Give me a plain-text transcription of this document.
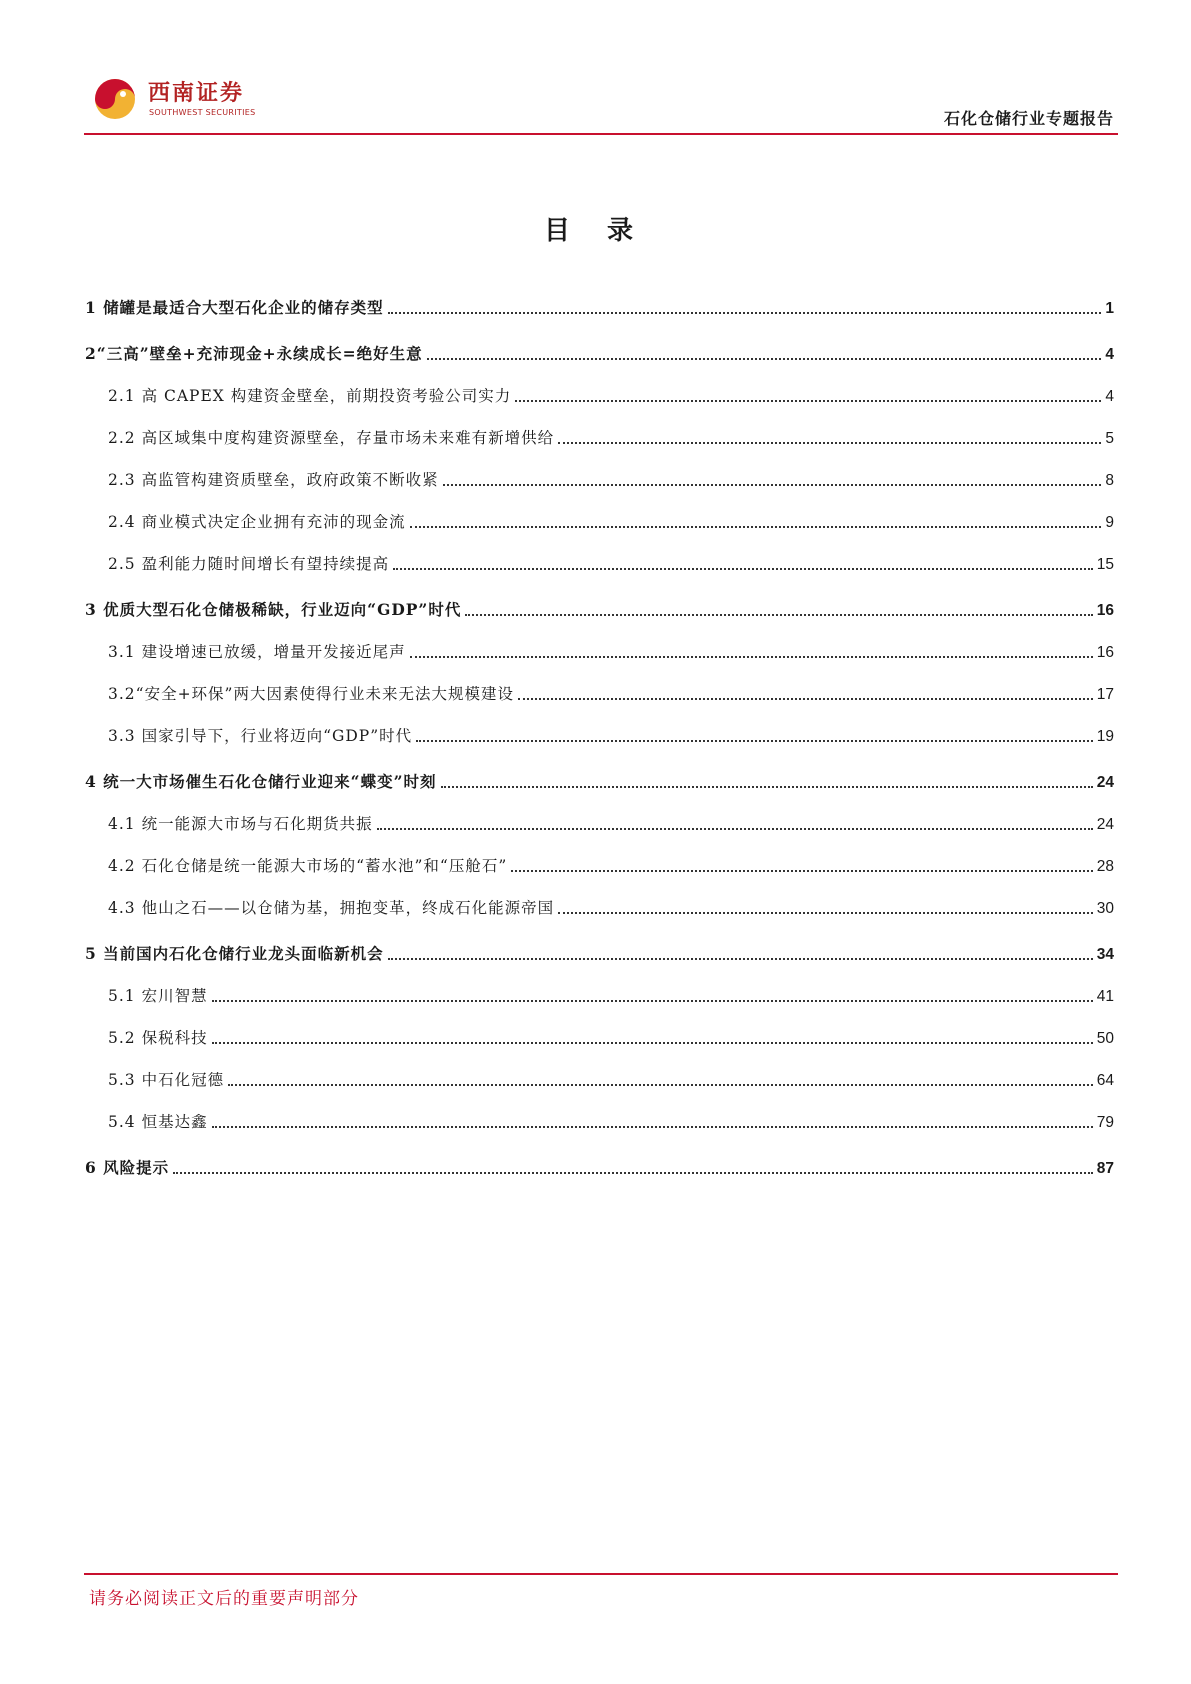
西南证券
SOUTHWEST SECURITIES	石化仓储行业专题报告
目 录
1 储罐是最适合大型石化企业的储存类型	1
2“三高”壁垒+充沛现金+永续成长=绝好生意	4
2.1 高 CAPEX 构建资金壁垒，前期投资考验公司实力	4
2.2 高区域集中度构建资源壁垒，存量市场未来难有新增供给	5
2.3 高监管构建资质壁垒，政府政策不断收紧	8
2.4 商业模式决定企业拥有充沛的现金流	9
2.5 盈利能力随时间增长有望持续提高	15
3 优质大型石化仓储极稀缺，行业迈向“GDP”时代	16
3.1 建设增速已放缓，增量开发接近尾声	16
3.2“安全+环保”两大因素使得行业未来无法大规模建设	17
3.3 国家引导下，行业将迈向“GDP”时代	19
4 统一大市场催生石化仓储行业迎来“蝶变”时刻	24
4.1 统一能源大市场与石化期货共振	24
4.2 石化仓储是统一能源大市场的“蓄水池”和“压舱石”	28
4.3 他山之石——以仓储为基，拥抱变革，终成石化能源帝国	30
5 当前国内石化仓储行业龙头面临新机会	34
5.1 宏川智慧	41
5.2 保税科技	50
5.3 中石化冠德	64
5.4 恒基达鑫	79
6 风险提示	87
请务必阅读正文后的重要声明部分
